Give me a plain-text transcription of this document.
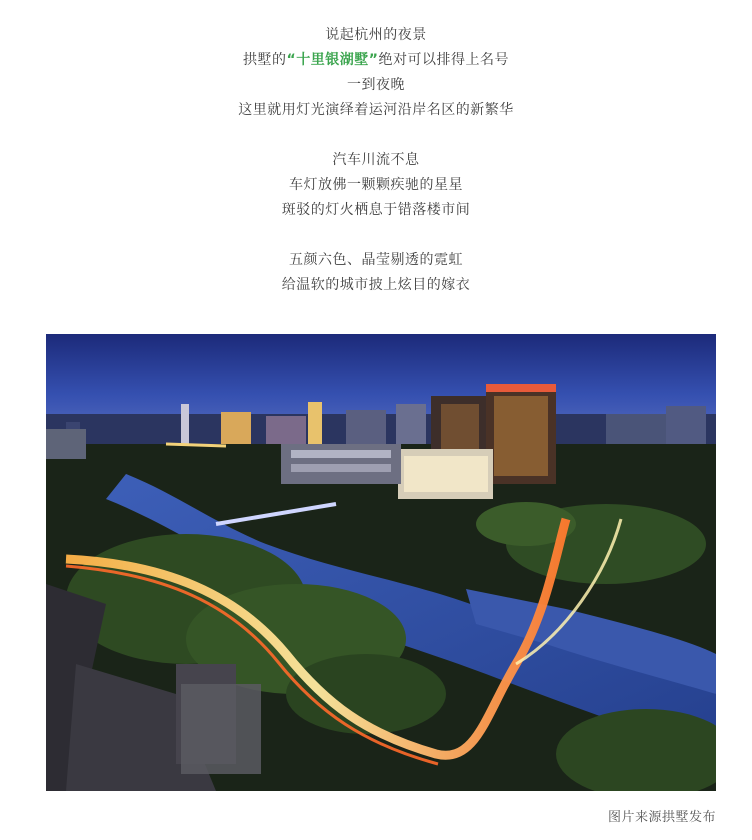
说起杭州的夜景
拱墅的“十里银湖墅”绝对可以排得上名号
一到夜晚
这里就用灯光演绎着运河沿岸名区的新繁华
汽车川流不息
车灯放佛一颗颗疾驰的星星
斑驳的灯火栖息于错落楼市间
五颜六色、晶莹剔透的霓虹
给温软的城市披上炫目的嫁衣
图片来源拱墅发布
